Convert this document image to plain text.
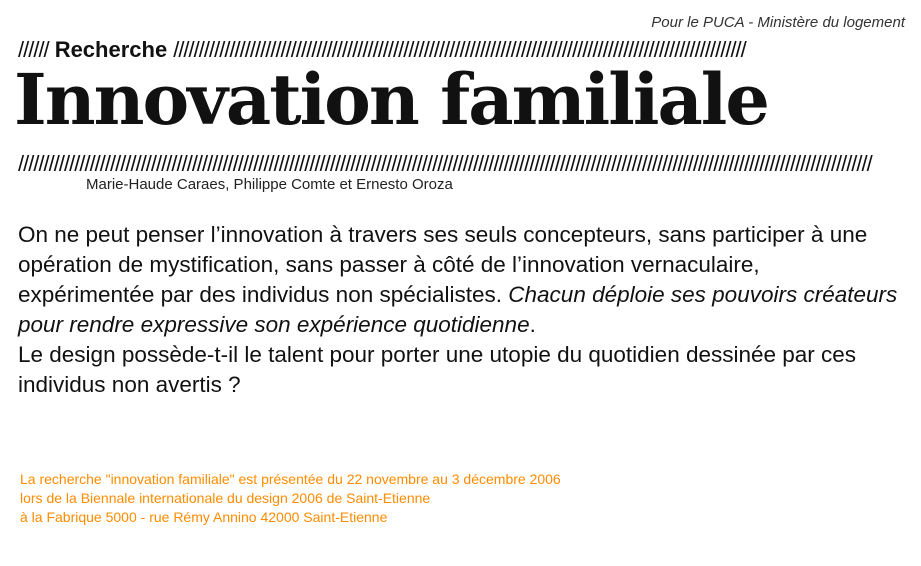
Pour le PUCA - Ministère du logement
////// Recherche ////////////////////////////////////////////////////////////////////////////////////////////////////////////////
Innovation familiale
///////////////////////////////////////////////////////////////////////////////////////////////////////////////////////////////////////////////////////////////////////
Marie-Haude Caraes, Philippe Comte et Ernesto Oroza

On ne peut penser l’innovation à travers ses seuls concepteurs, sans participer à une opération de mystification, sans passer à côté de l’innovation vernaculaire, expérimentée par des individus non spécialistes. Chacun déploie ses pouvoirs créateurs pour rendre expressive son expérience quotidienne.
Le design possède-t-il le talent pour porter une utopie du quotidien dessinée par ces individus non avertis ?

La recherche "innovation familiale" est présentée du 22 novembre au 3 décembre 2006
lors de la Biennale internationale du design 2006 de Saint-Etienne
à la Fabrique 5000 - rue Rémy Annino 42000 Saint-Etienne
